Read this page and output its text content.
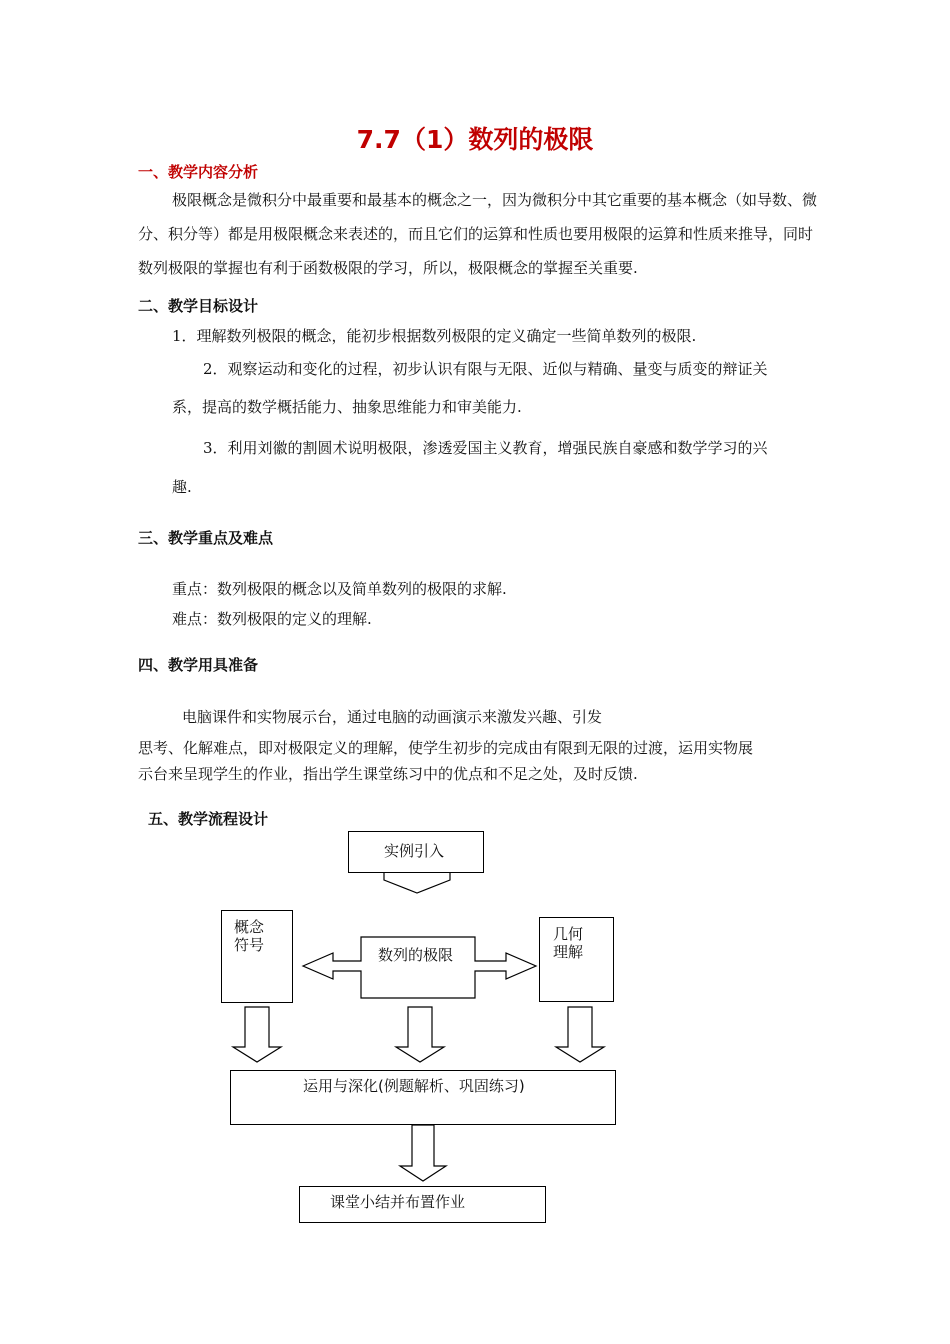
7.7（1）数列的极限
一、教学内容分析
极限概念是微积分中最重要和最基本的概念之一，因为微积分中其它重要的基本概念（如导数、微分、积分等）都是用极限概念来表述的，而且它们的运算和性质也要用极限的运算和性质来推导，同时数列极限的掌握也有利于函数极限的学习，所以，极限概念的掌握至关重要.
二、教学目标设计
1．理解数列极限的概念，能初步根据数列极限的定义确定一些简单数列的极限.
2．观察运动和变化的过程，初步认识有限与无限、近似与精确、量变与质变的辩证关
系，提高的数学概括能力、抽象思维能力和审美能力.
3．利用刘徽的割圆术说明极限，渗透爱国主义教育，增强民族自豪感和数学学习的兴
趣.
三、教学重点及难点
重点：数列极限的概念以及简单数列的极限的求解.
难点：数列极限的定义的理解.
四、教学用具准备
电脑课件和实物展示台，通过电脑的动画演示来激发兴趣、引发
思考、化解难点，即对极限定义的理解，使学生初步的完成由有限到无限的过渡，运用实物展
示台来呈现学生的作业，指出学生课堂练习中的优点和不足之处，及时反馈.
五、教学流程设计
实例引入
概念
符号
数列的极限
几何
理解
运用与深化(例题解析、巩固练习)
课堂小结并布置作业
